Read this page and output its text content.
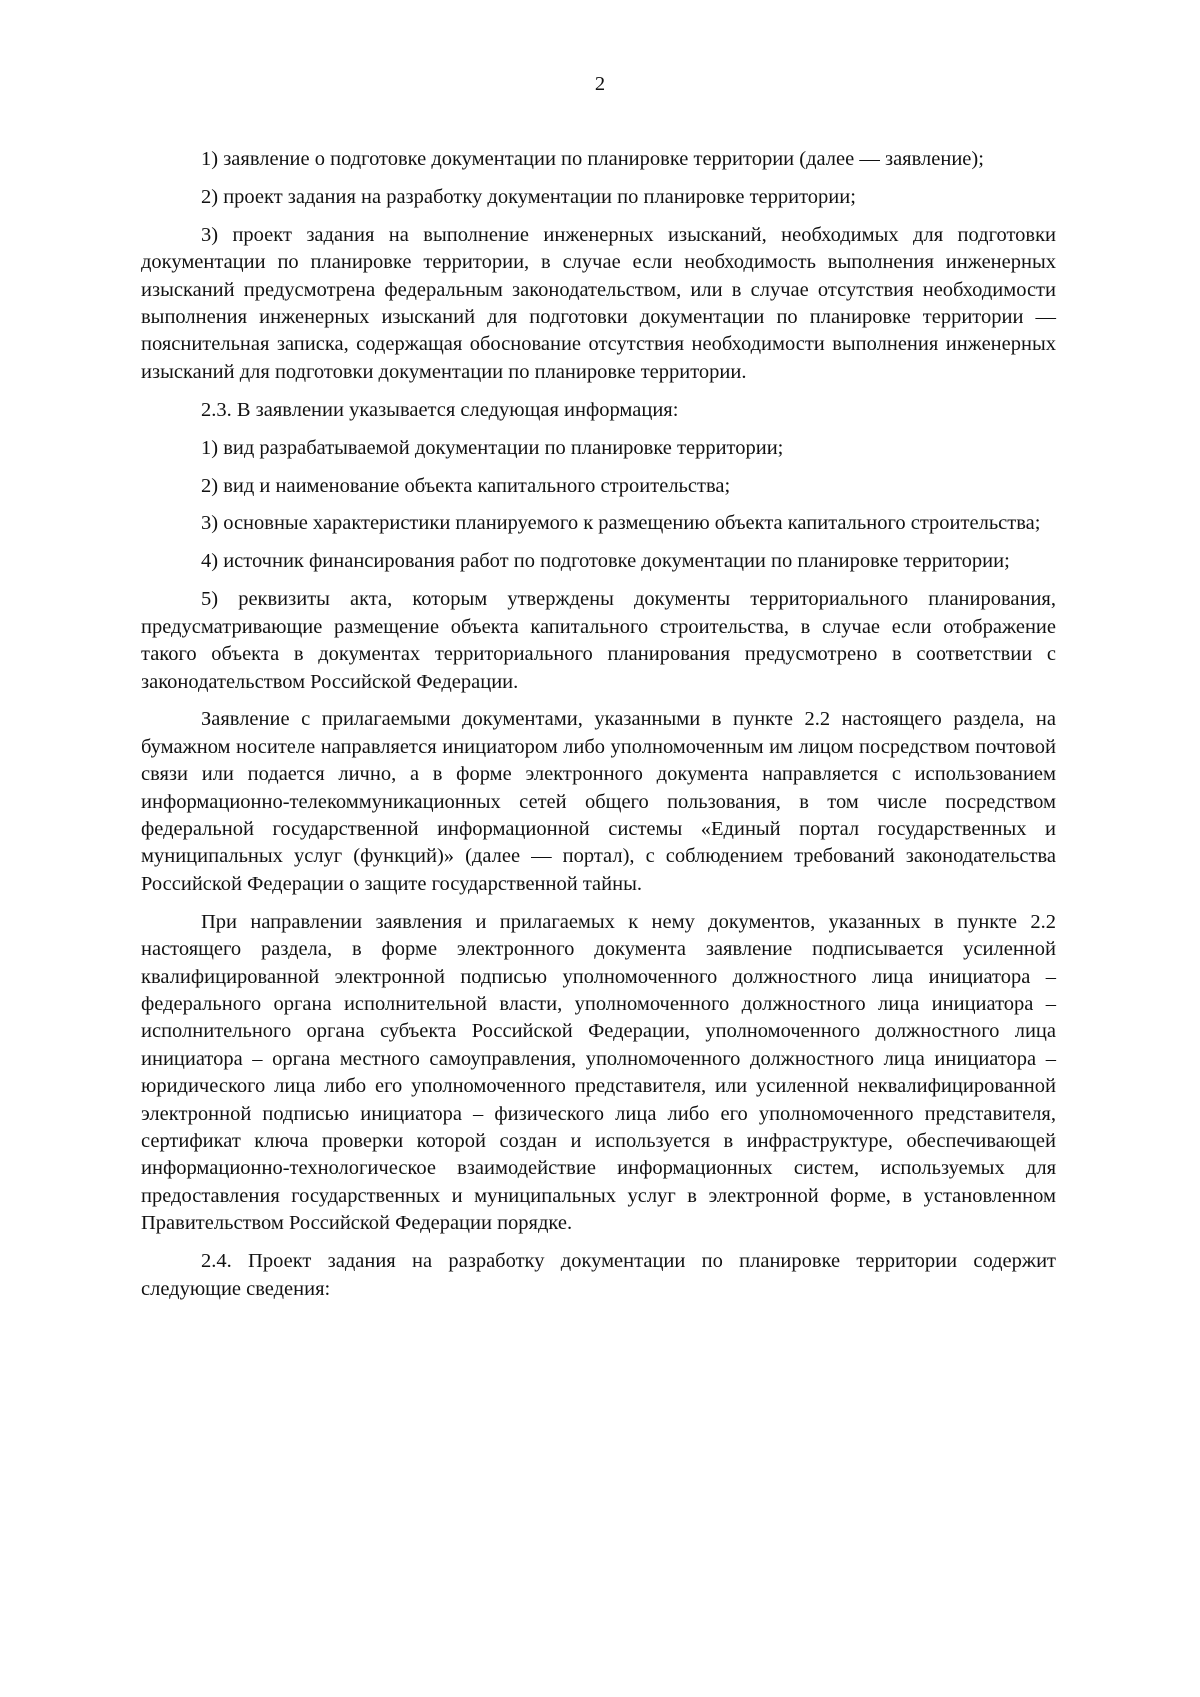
2

1) заявление о подготовке документации по планировке территории (далее — заявление);

2) проект задания на разработку документации по планировке территории;

3) проект задания на выполнение инженерных изысканий, необходимых для подготовки документации по планировке территории, в случае если необходимость выполнения инженерных изысканий предусмотрена федеральным законодательством, или в случае отсутствия необходимости выполнения инженерных изысканий для подготовки документации по планировке территории — пояснительная записка, содержащая обоснование отсутствия необходимости выполнения инженерных изысканий для подготовки документации по планировке территории.

2.3. В заявлении указывается следующая информация:

1) вид разрабатываемой документации по планировке территории;

2) вид и наименование объекта капитального строительства;

3) основные характеристики планируемого к размещению объекта капитального строительства;

4) источник финансирования работ по подготовке документации по планировке территории;

5) реквизиты акта, которым утверждены документы территориального планирования, предусматривающие размещение объекта капитального строительства, в случае если отображение такого объекта в документах территориального планирования предусмотрено в соответствии с законодательством Российской Федерации.

Заявление с прилагаемыми документами, указанными в пункте 2.2 настоящего раздела, на бумажном носителе направляется инициатором либо уполномоченным им лицом посредством почтовой связи или подается лично, а в форме электронного документа направляется с использованием информационно-телекоммуникационных сетей общего пользования, в том числе посредством федеральной государственной информационной системы «Единый портал государственных и муниципальных услуг (функций)» (далее — портал), с соблюдением требований законодательства Российской Федерации о защите государственной тайны.

При направлении заявления и прилагаемых к нему документов, указанных в пункте 2.2 настоящего раздела, в форме электронного документа заявление подписывается усиленной квалифицированной электронной подписью уполномоченного должностного лица инициатора – федерального органа исполнительной власти, уполномоченного должностного лица инициатора – исполнительного органа субъекта Российской Федерации, уполномоченного должностного лица инициатора – органа местного самоуправления, уполномоченного должностного лица инициатора – юридического лица либо его уполномоченного представителя, или усиленной неквалифицированной электронной подписью инициатора – физического лица либо его уполномоченного представителя, сертификат ключа проверки которой создан и используется в инфраструктуре, обеспечивающей информационно-технологическое взаимодействие информационных систем, используемых для предоставления государственных и муниципальных услуг в электронной форме, в установленном Правительством Российской Федерации порядке.

2.4. Проект задания на разработку документации по планировке территории содержит следующие сведения:
